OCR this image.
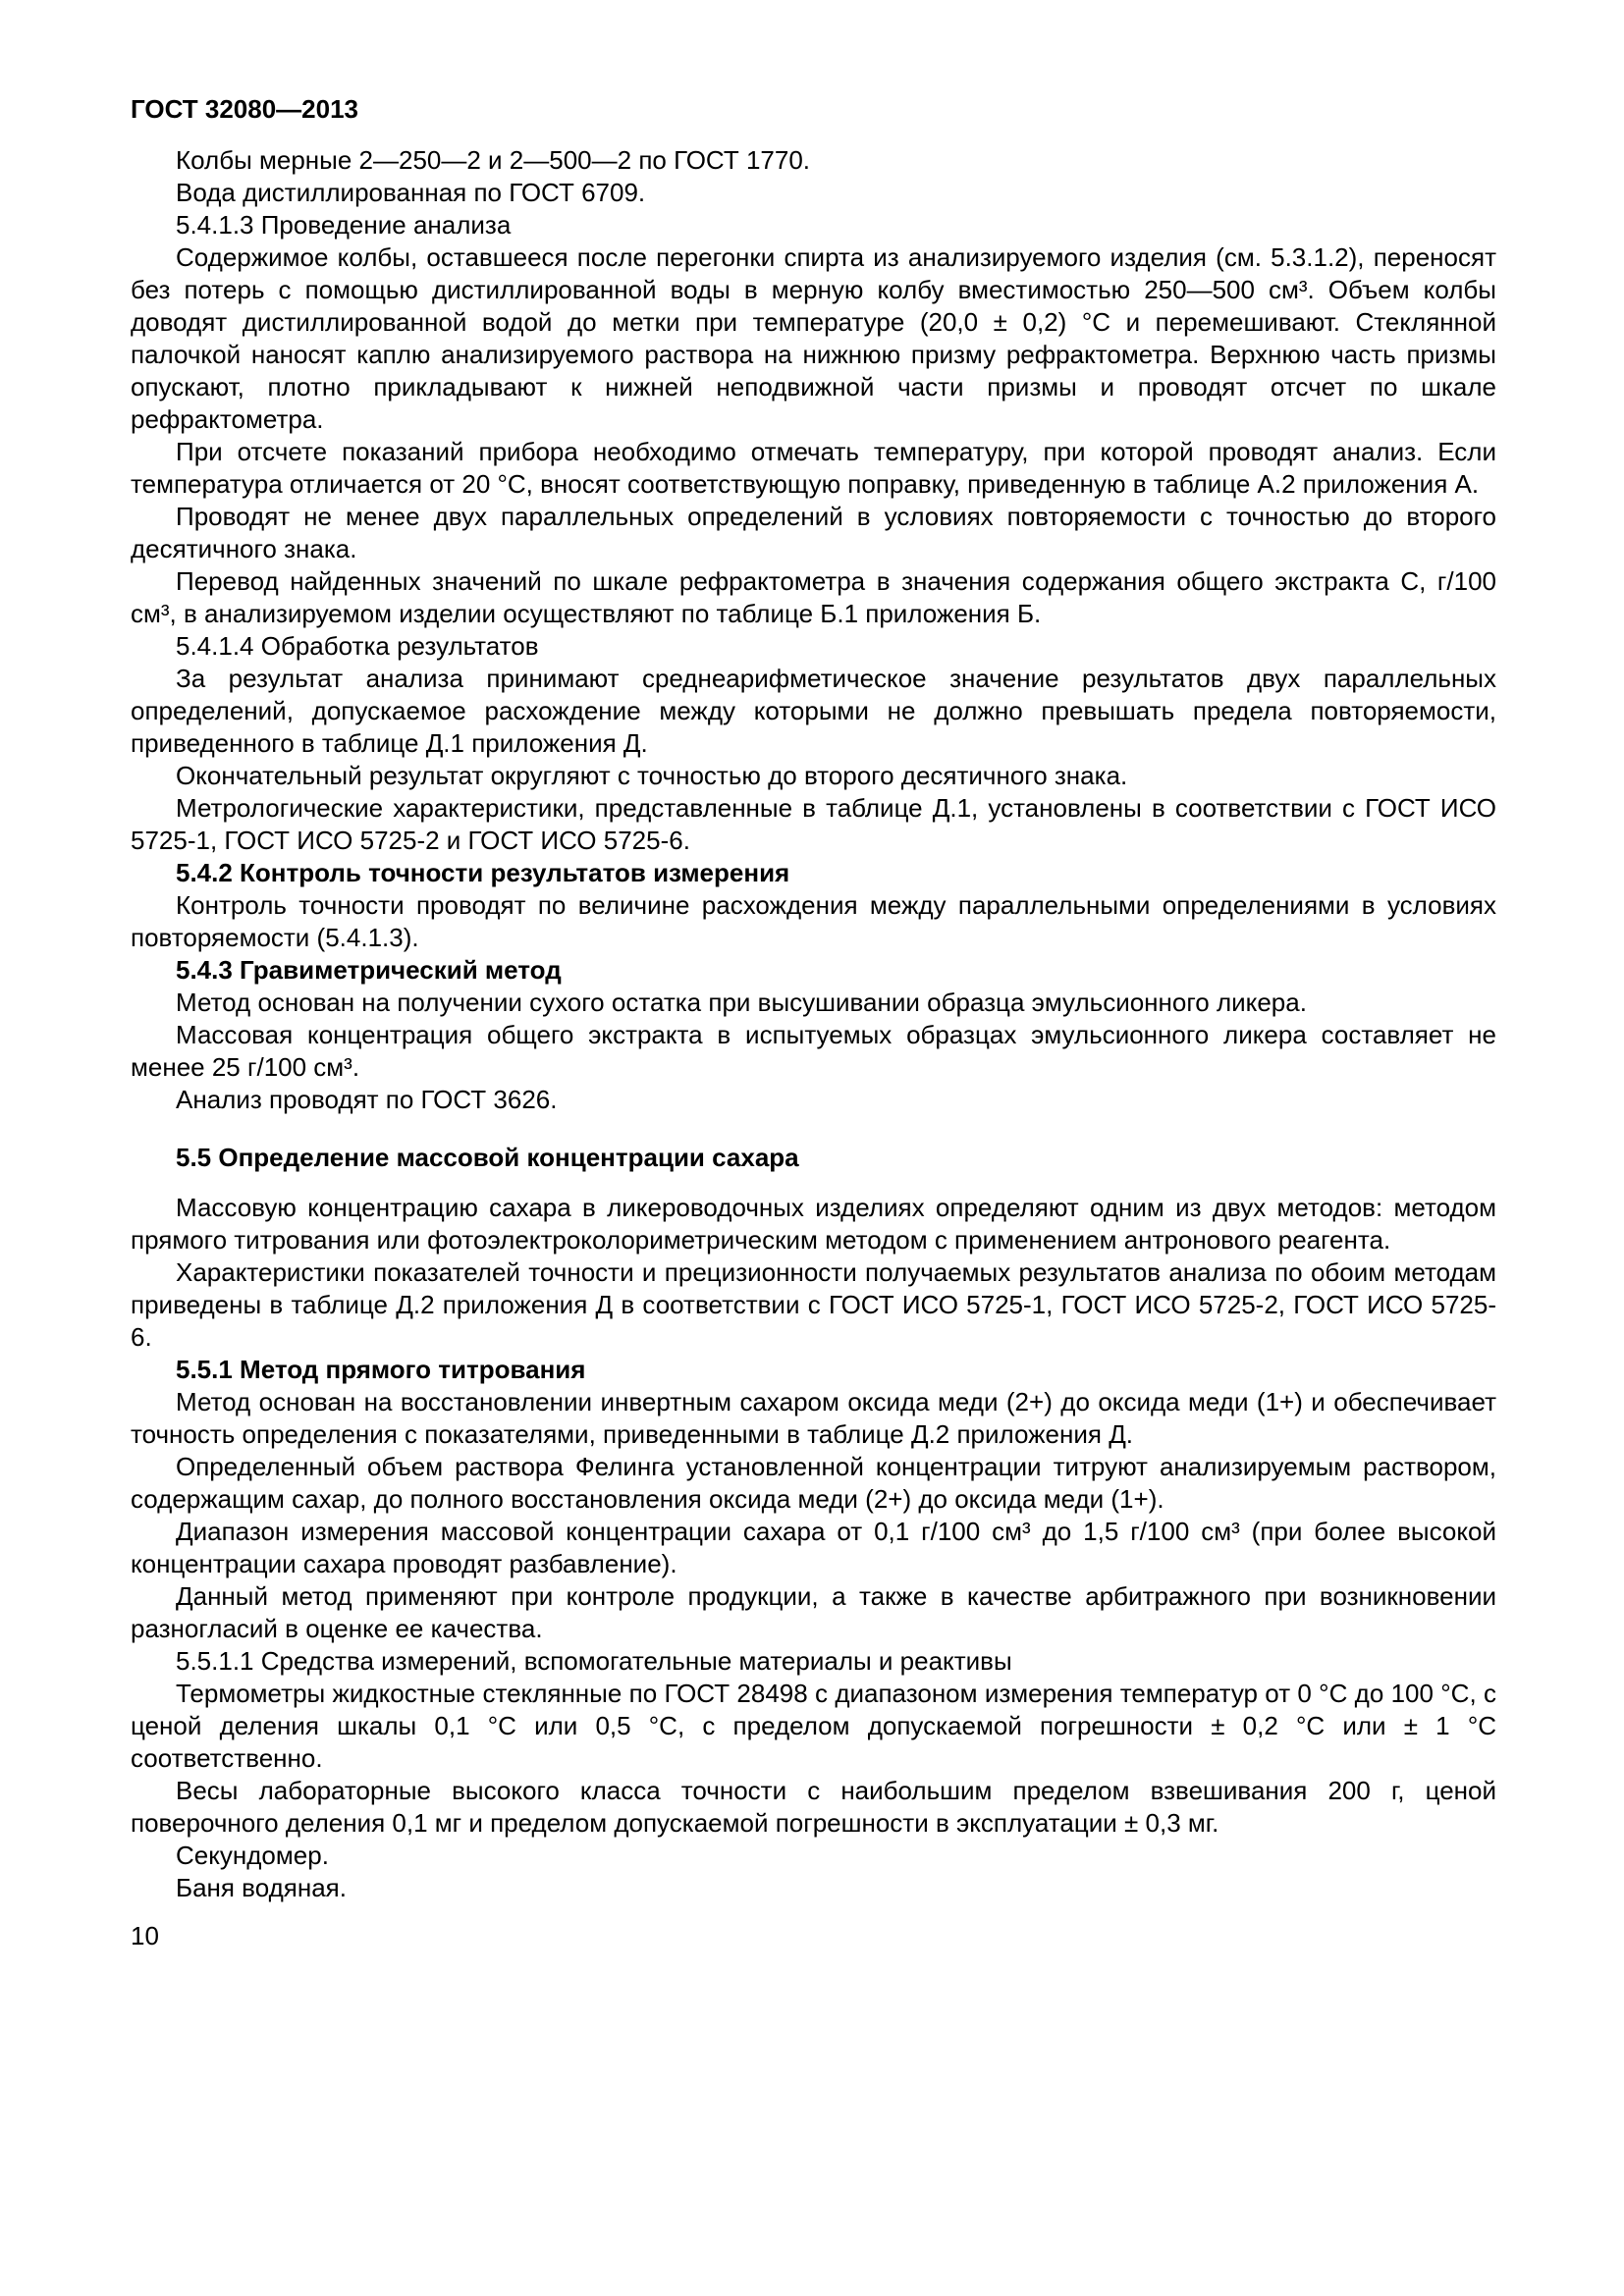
ГОСТ 32080—2013

Колбы мерные 2—250—2 и 2—500—2 по ГОСТ 1770.

Вода дистиллированная по ГОСТ 6709.

5.4.1.3 Проведение анализа

Содержимое колбы, оставшееся после перегонки спирта из анализируемого изделия (см. 5.3.1.2), переносят без потерь с помощью дистиллированной воды в мерную колбу вместимостью 250—500 см³. Объем колбы доводят дистиллированной водой до метки при температуре (20,0 ± 0,2) °С и перемешивают. Стеклянной палочкой наносят каплю анализируемого раствора на нижнюю призму рефрактометра. Верхнюю часть призмы опускают, плотно прикладывают к нижней неподвижной части призмы и проводят отсчет по шкале рефрактометра.

При отсчете показаний прибора необходимо отмечать температуру, при которой проводят анализ. Если температура отличается от 20 °С, вносят соответствующую поправку, приведенную в таблице А.2 приложения А.

Проводят не менее двух параллельных определений в условиях повторяемости с точностью до второго десятичного знака.

Перевод найденных значений по шкале рефрактометра в значения содержания общего экстракта С, г/100 см³, в анализируемом изделии осуществляют по таблице Б.1 приложения Б.

5.4.1.4 Обработка результатов

За результат анализа принимают среднеарифметическое значение результатов двух параллельных определений, допускаемое расхождение между которыми не должно превышать предела повторяемости, приведенного в таблице Д.1 приложения Д.

Окончательный результат округляют с точностью до второго десятичного знака.

Метрологические характеристики, представленные в таблице Д.1, установлены в соответствии с ГОСТ ИСО 5725-1, ГОСТ ИСО 5725-2 и ГОСТ ИСО 5725-6.

5.4.2 Контроль точности результатов измерения

Контроль точности проводят по величине расхождения между параллельными определениями в условиях повторяемости (5.4.1.3).

5.4.3 Гравиметрический метод

Метод основан на получении сухого остатка при высушивании образца эмульсионного ликера.

Массовая концентрация общего экстракта в испытуемых образцах эмульсионного ликера составляет не менее 25 г/100 см³.

Анализ проводят по ГОСТ 3626.

5.5 Определение массовой концентрации сахара

Массовую концентрацию сахара в ликероводочных изделиях определяют одним из двух методов: методом прямого титрования или фотоэлектроколориметрическим методом с применением антронового реагента.

Характеристики показателей точности и прецизионности получаемых результатов анализа по обоим методам приведены в таблице Д.2 приложения Д в соответствии с ГОСТ ИСО 5725-1, ГОСТ ИСО 5725-2, ГОСТ ИСО 5725-6.

5.5.1 Метод прямого титрования

Метод основан на восстановлении инвертным сахаром оксида меди (2+) до оксида меди (1+) и обеспечивает точность определения с показателями, приведенными в таблице Д.2 приложения Д.

Определенный объем раствора Фелинга установленной концентрации титруют анализируемым раствором, содержащим сахар, до полного восстановления оксида меди (2+) до оксида меди (1+).

Диапазон измерения массовой концентрации сахара от 0,1 г/100 см³ до 1,5 г/100 см³ (при более высокой концентрации сахара проводят разбавление).

Данный метод применяют при контроле продукции, а также в качестве арбитражного при возникновении разногласий в оценке ее качества.

5.5.1.1 Средства измерений, вспомогательные материалы и реактивы

Термометры жидкостные стеклянные по ГОСТ 28498 с диапазоном измерения температур от 0 °С до 100 °С, с ценой деления шкалы 0,1 °С или 0,5 °С, с пределом допускаемой погрешности ± 0,2 °С или ± 1 °С соответственно.

Весы лабораторные высокого класса точности с наибольшим пределом взвешивания 200 г, ценой поверочного деления 0,1 мг и пределом допускаемой погрешности в эксплуатации ± 0,3 мг.

Секундомер.

Баня водяная.

10
